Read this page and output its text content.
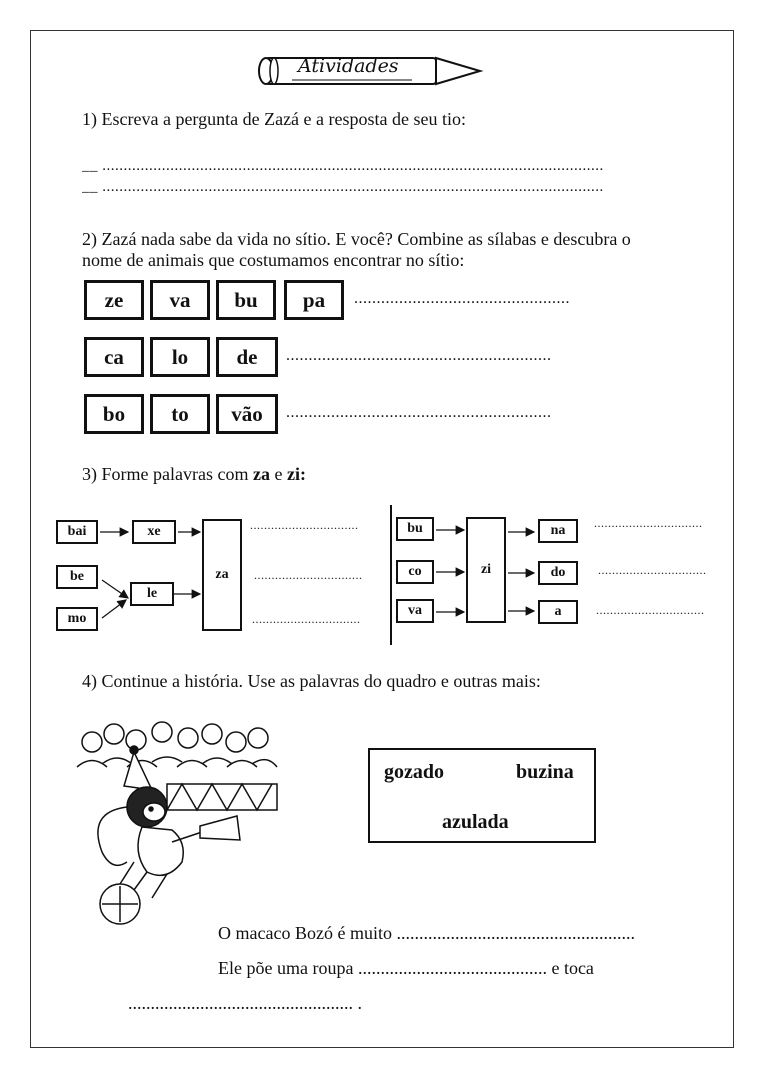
Atividades
1) Escreva a pergunta de Zazá e a resposta de seu tio:
__ ......................................................................................................................
__ ......................................................................................................................
2) Zazá nada sabe da vida no sítio. E você? Combine as sílabas e descubra o
nome de animais que costumamos encontrar no sítio:
ze	va	bu	pa	................................................
ca	lo	de	...........................................................
bo	to	vão	...........................................................
3) Forme palavras com za e zi:
bai
be
mo
xe
le
za
...............................
...............................
...............................
bu
co
va
zi
na
do
a
...............................
...............................
...............................
4) Continue a história. Use as palavras do quadro e outras mais:
gozado	buzina
azulada
O macaco Bozó é muito .....................................................
Ele põe uma roupa .......................................... e toca
.................................................. .
